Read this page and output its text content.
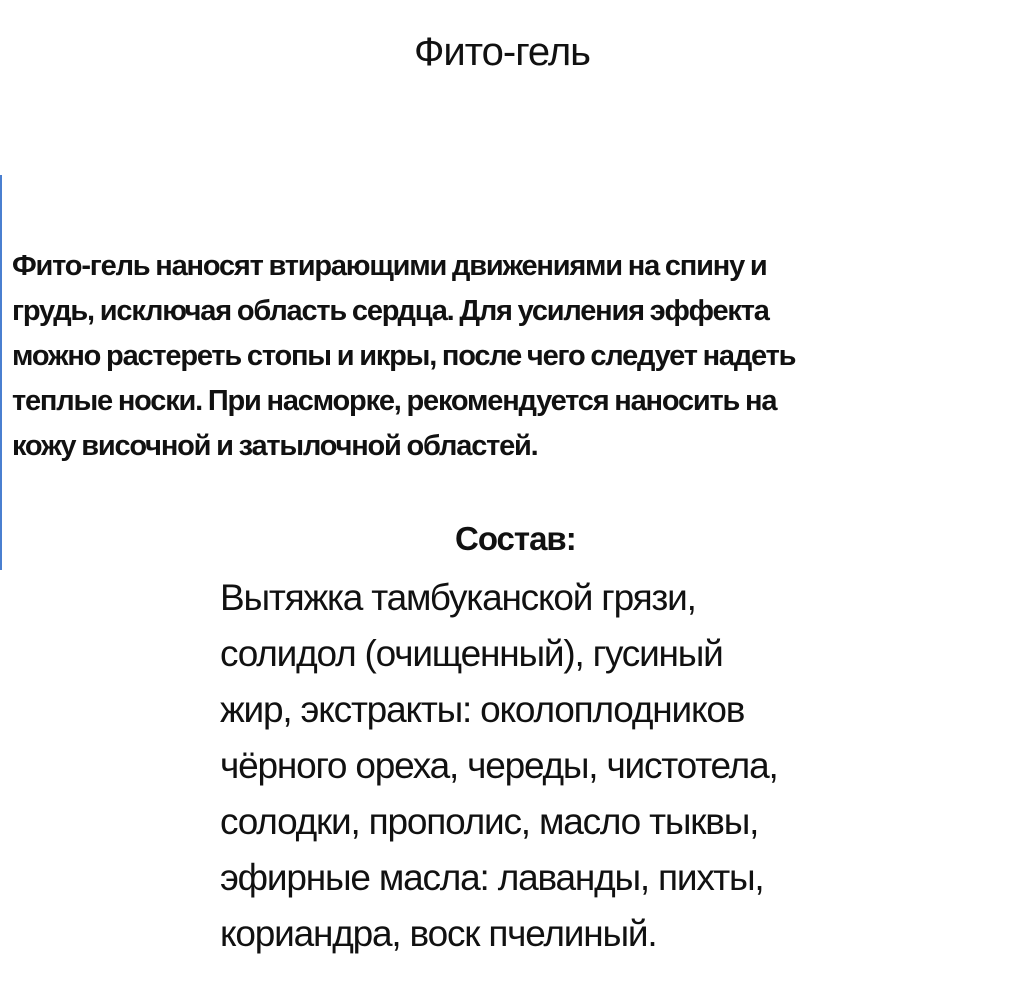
Фито-гель

Фито-гель наносят втирающими движениями на спину и
грудь, исключая область сердца. Для усиления эффекта
можно растереть стопы и икры, после чего следует надеть
теплые носки. При насморке, рекомендуется наносить на
кожу височной и затылочной областей.

Состав:

Вытяжка тамбуканской грязи,
солидол (очищенный), гусиный
жир, экстракты: околоплодников
чёрного ореха, череды, чистотела,
солодки, прополис, масло тыквы,
эфирные масла: лаванды, пихты,
кориандра, воск пчелиный.
